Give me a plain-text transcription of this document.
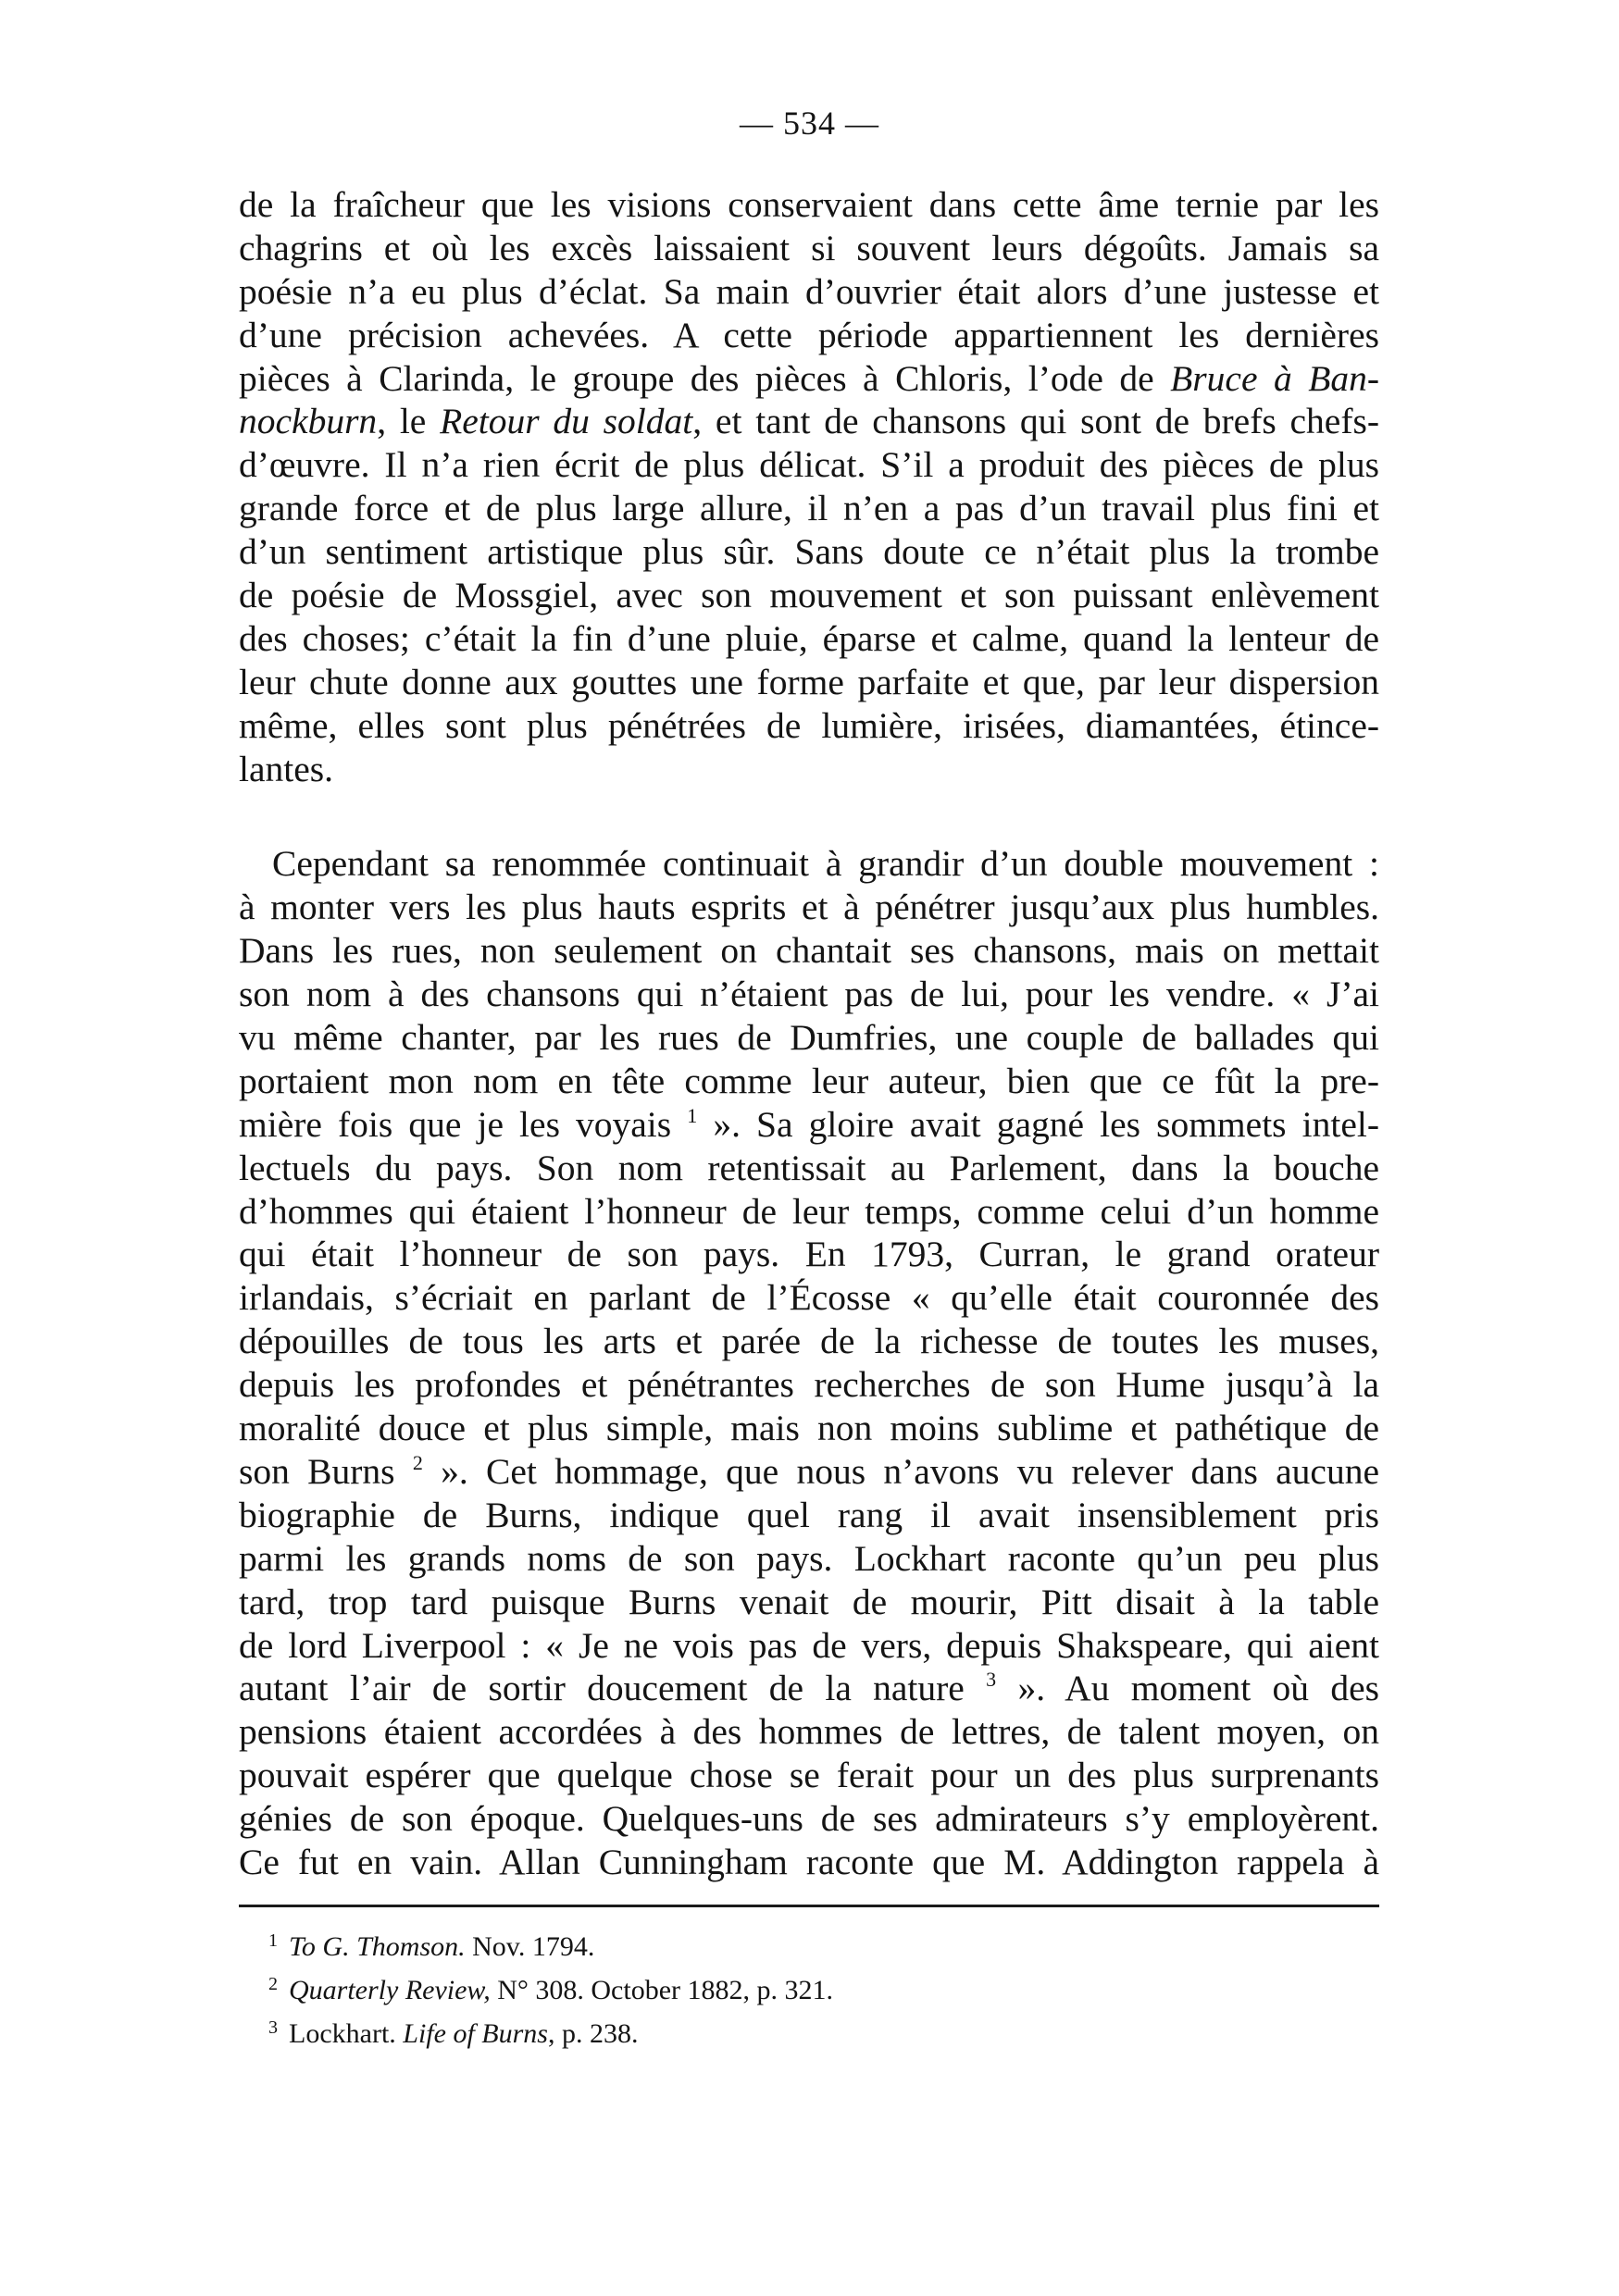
— 534 —
de la fraîcheur que les visions conservaient dans cette âme ternie par les
chagrins et où les excès laissaient si souvent leurs dégoûts. Jamais sa
poésie n’a eu plus d’éclat. Sa main d’ouvrier était alors d’une justesse et
d’une précision achevées. A cette période appartiennent les dernières
pièces à Clarinda, le groupe des pièces à Chloris, l’ode de Bruce à Ban-
nockburn, le Retour du soldat, et tant de chansons qui sont de brefs chefs-
d’œuvre. Il n’a rien écrit de plus délicat. S’il a produit des pièces de plus
grande force et de plus large allure, il n’en a pas d’un travail plus fini et
d’un sentiment artistique plus sûr. Sans doute ce n’était plus la trombe
de poésie de Mossgiel, avec son mouvement et son puissant enlèvement
des choses; c’était la fin d’une pluie, éparse et calme, quand la lenteur de
leur chute donne aux gouttes une forme parfaite et que, par leur dispersion
même, elles sont plus pénétrées de lumière, irisées, diamantées, étince-
lantes.
Cependant sa renommée continuait à grandir d’un double mouvement :
à monter vers les plus hauts esprits et à pénétrer jusqu’aux plus humbles.
Dans les rues, non seulement on chantait ses chansons, mais on mettait
son nom à des chansons qui n’étaient pas de lui, pour les vendre. « J’ai
vu même chanter, par les rues de Dumfries, une couple de ballades qui
portaient mon nom en tête comme leur auteur, bien que ce fût la pre-
mière fois que je les voyais $^1$ ». Sa gloire avait gagné les sommets intel-
lectuels du pays. Son nom retentissait au Parlement, dans la bouche
d’hommes qui étaient l’honneur de leur temps, comme celui d’un homme
qui était l’honneur de son pays. En 1793, Curran, le grand orateur
irlandais, s’écriait en parlant de l’Écosse « qu’elle était couronnée des
dépouilles de tous les arts et parée de la richesse de toutes les muses,
depuis les profondes et pénétrantes recherches de son Hume jusqu’à la
moralité douce et plus simple, mais non moins sublime et pathétique de
son Burns $^2$ ». Cet hommage, que nous n’avons vu relever dans aucune
biographie de Burns, indique quel rang il avait insensiblement pris
parmi les grands noms de son pays. Lockhart raconte qu’un peu plus
tard, trop tard puisque Burns venait de mourir, Pitt disait à la table
de lord Liverpool : « Je ne vois pas de vers, depuis Shakspeare, qui aient
autant l’air de sortir doucement de la nature $^3$ ». Au moment où des
pensions étaient accordées à des hommes de lettres, de talent moyen, on
pouvait espérer que quelque chose se ferait pour un des plus surprenants
génies de son époque. Quelques-uns de ses admirateurs s’y employèrent.
Ce fut en vain. Allan Cunningham raconte que M. Addington rappela à
$^1$ To G. Thomson. Nov. 1794.
$^2$ Quarterly Review, N° 308. October 1882, p. 321.
$^3$ Lockhart. Life of Burns, p. 238.
